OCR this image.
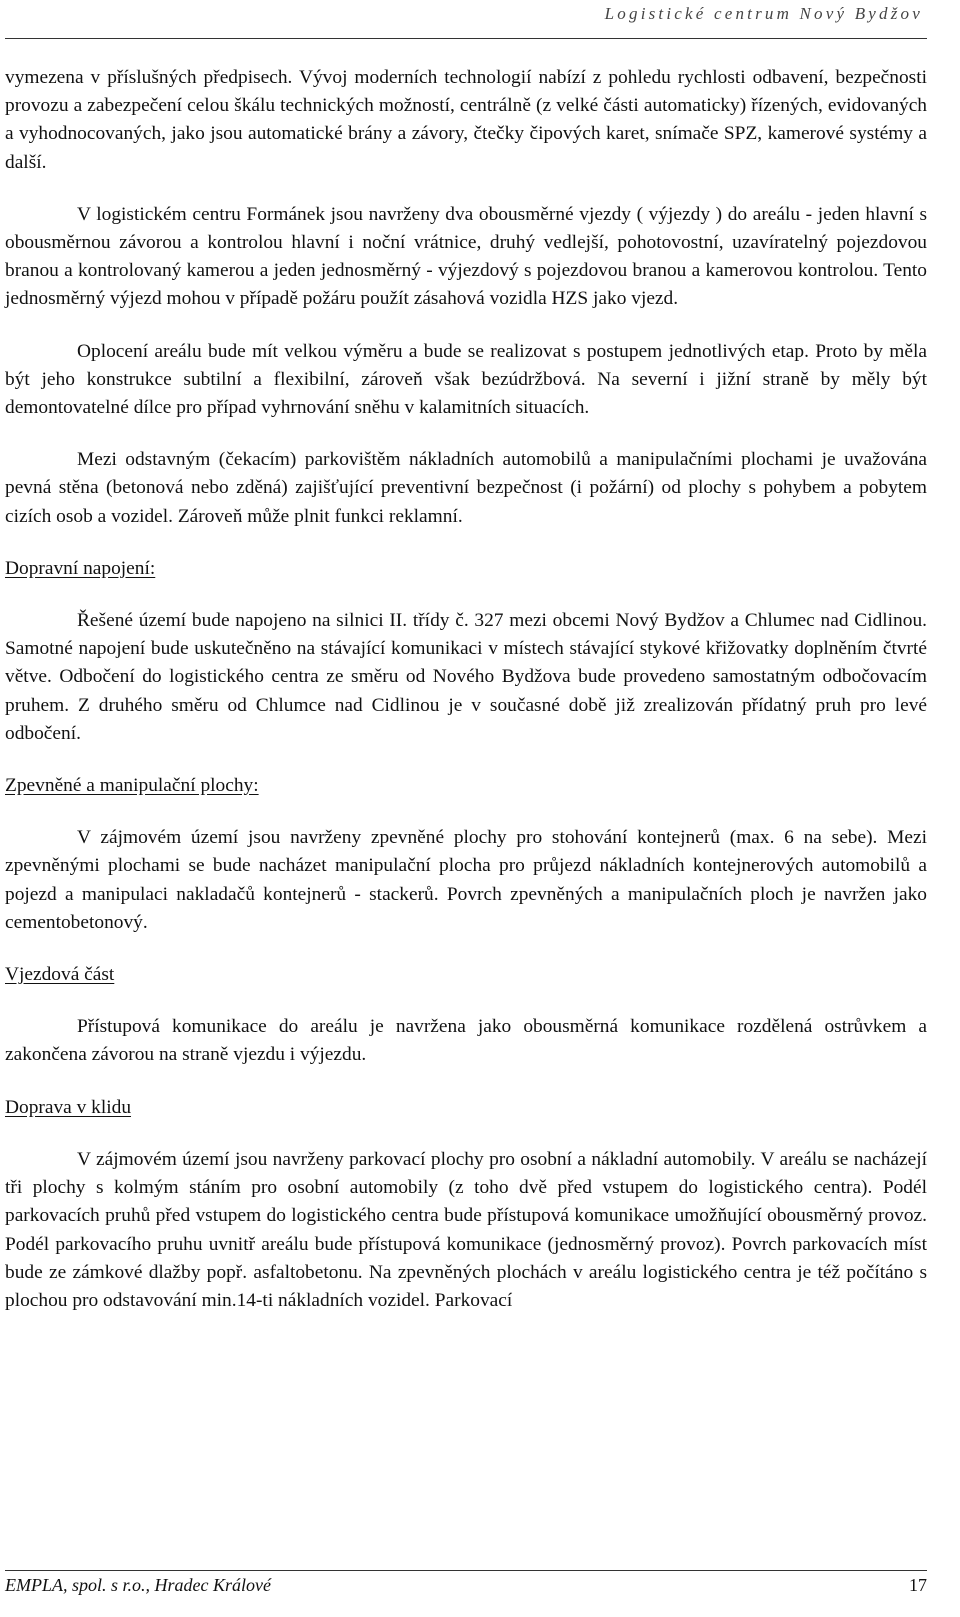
Logistické centrum Nový Bydžov

vymezena v příslušných předpisech. Vývoj moderních technologií nabízí z pohledu rychlosti odbavení, bezpečnosti provozu a zabezpečení celou škálu technických možností, centrálně (z velké části automaticky) řízených, evidovaných a vyhodnocovaných, jako jsou automatické brány a závory, čtečky čipových karet, snímače SPZ, kamerové systémy a další.

V logistickém centru Formánek jsou navrženy dva obousměrné vjezdy ( výjezdy ) do areálu - jeden hlavní s obousměrnou závorou a kontrolou hlavní i noční vrátnice, druhý vedlejší, pohotovostní, uzavíratelný pojezdovou branou a kontrolovaný kamerou a jeden jednosměrný - výjezdový s pojezdovou branou a kamerovou kontrolou. Tento jednosměrný výjezd mohou v případě požáru použít zásahová vozidla HZS jako vjezd.

Oplocení areálu bude mít velkou výměru a bude se realizovat s postupem jednotlivých etap. Proto by měla být jeho konstrukce subtilní a flexibilní, zároveň však bezúdržbová. Na severní i jižní straně by měly být demontovatelné dílce pro případ vyhrnování sněhu v kalamitních situacích.

Mezi odstavným (čekacím) parkovištěm nákladních automobilů a manipulačními plochami je uvažována pevná stěna (betonová nebo zděná) zajišťující preventivní bezpečnost (i požární) od plochy s pohybem a pobytem cizích osob a vozidel. Zároveň může plnit funkci reklamní.

Dopravní napojení:

Řešené území bude napojeno na silnici II. třídy č. 327 mezi obcemi Nový Bydžov a Chlumec nad Cidlinou. Samotné napojení bude uskutečněno na stávající komunikaci v místech stávající stykové křižovatky doplněním čtvrté větve. Odbočení do logistického centra ze směru od Nového Bydžova bude provedeno samostatným odbočovacím pruhem. Z druhého směru od Chlumce nad Cidlinou je v současné době již zrealizován přídatný pruh pro levé odbočení.

Zpevněné a manipulační plochy:

V zájmovém území jsou navrženy zpevněné plochy pro stohování kontejnerů (max. 6 na sebe). Mezi zpevněnými plochami se bude nacházet manipulační plocha pro průjezd nákladních kontejnerových automobilů a pojezd a manipulaci nakladačů kontejnerů - stackerů. Povrch zpevněných a manipulačních ploch je navržen jako cementobetonový.

Vjezdová část

Přístupová komunikace do areálu je navržena jako obousměrná komunikace rozdělená ostrůvkem a zakončena závorou na straně vjezdu i výjezdu.

Doprava v klidu

V zájmovém území jsou navrženy parkovací plochy pro osobní a nákladní automobily. V areálu se nacházejí tři plochy s kolmým stáním pro osobní automobily (z toho dvě před vstupem do logistického centra). Podél parkovacích pruhů před vstupem do logistického centra bude přístupová komunikace umožňující obousměrný provoz. Podél parkovacího pruhu uvnitř areálu bude přístupová komunikace (jednosměrný provoz). Povrch parkovacích míst bude ze zámkové dlažby popř. asfaltobetonu. Na zpevněných plochách v areálu logistického centra je též počítáno s plochou pro odstavování min.14-ti nákladních vozidel. Parkovací

EMPLA, spol. s r.o., Hradec Králové	17
